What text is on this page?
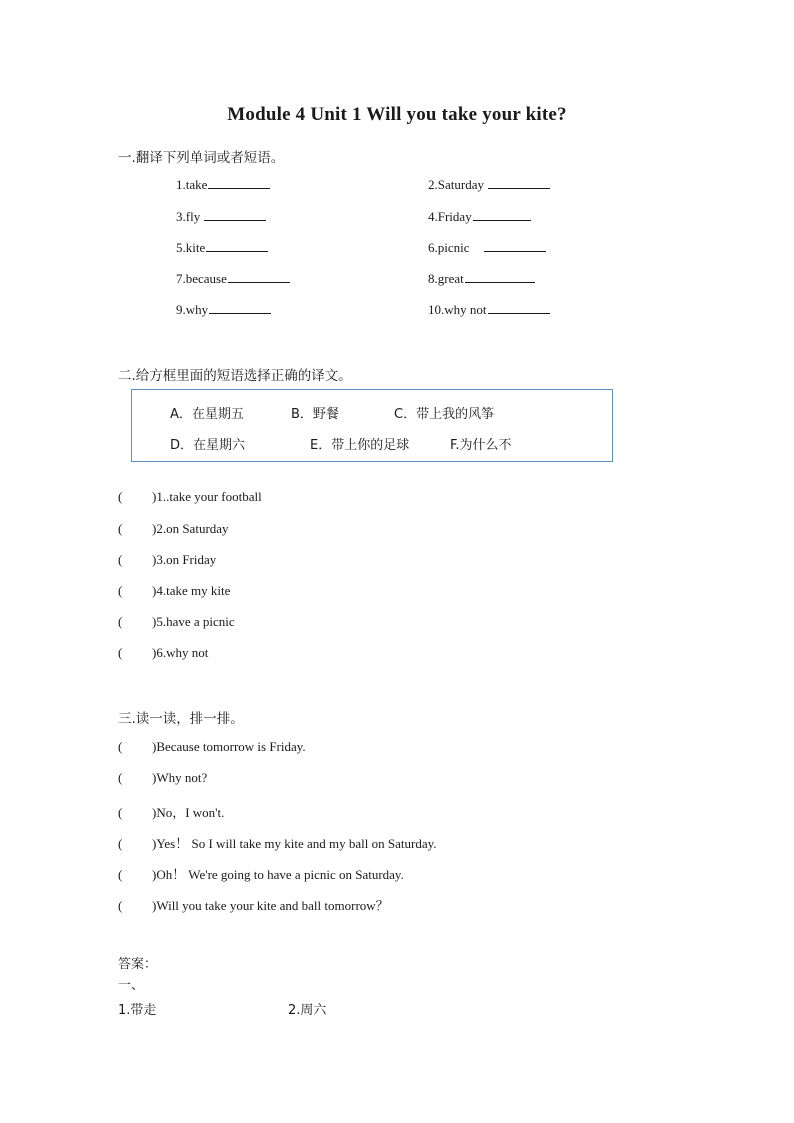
Module 4 Unit 1 Will you take your kite?
一.翻译下列单词或者短语。
1.take	2.Saturday
3.fly	4.Friday
5.kite	6.picnic
7.because	8.great
9.why	10.why not
二.给方框里面的短语选择正确的译文。
A．在星期五	B．野餐	C．带上我的风筝
D．在星期六	E．带上你的足球	F.为什么不
( )1..take your football
( )2.on Saturday
( )3.on Friday
( )4.take my kite
( )5.have a picnic
( )6.why not
三.读一读，排一排。
( )Because tomorrow is Friday.
( )Why not?
( )No，I won't.
( )Yes！ So I will take my kite and my ball on Saturday.
( )Oh！ We're going to have a picnic on Saturday.
( )Will you take your kite and ball tomorrow？
答案：
一、
1.带走	2.周六
